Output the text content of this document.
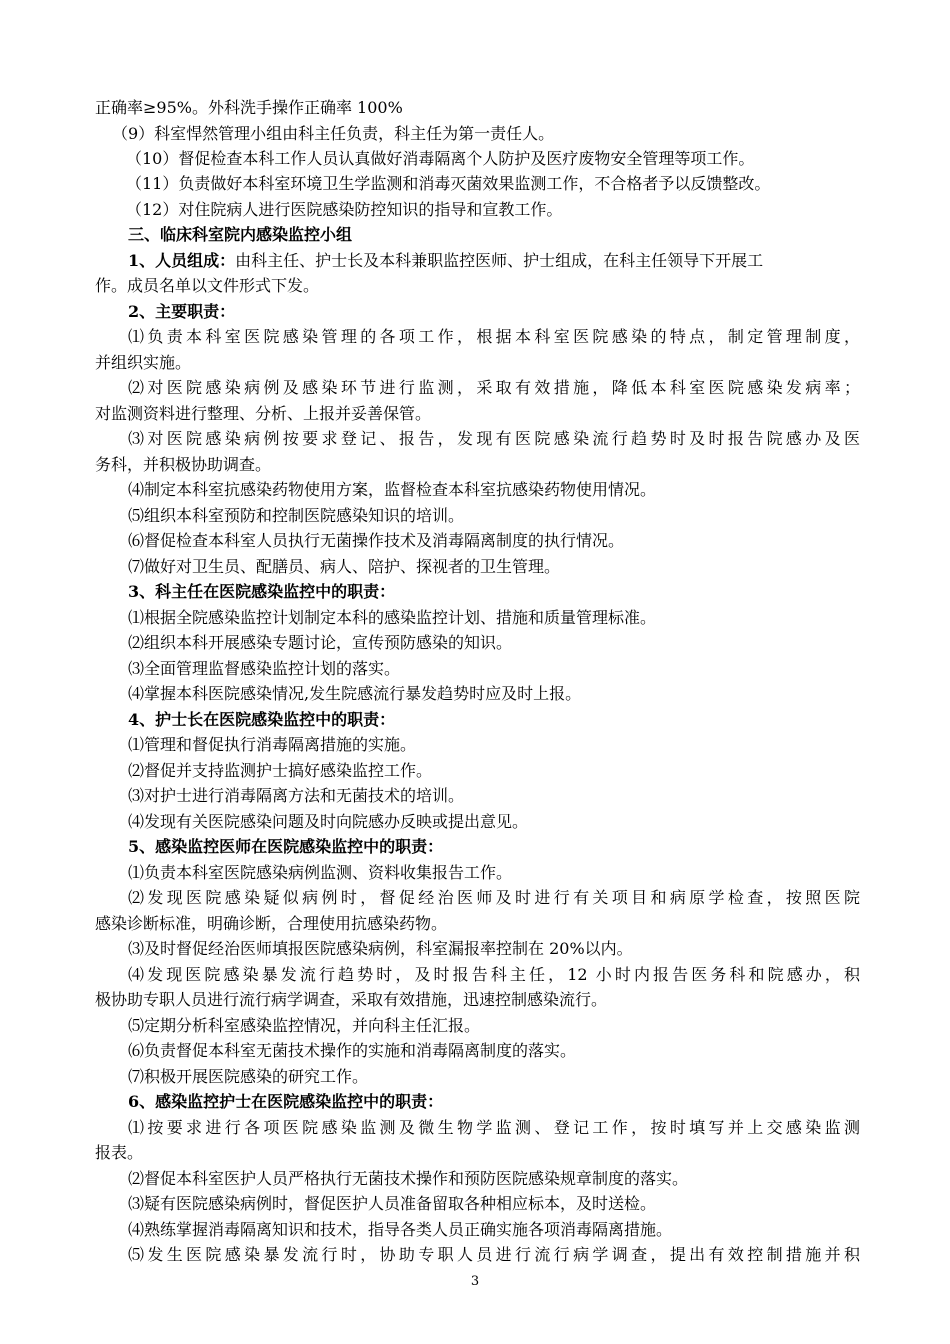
正确率≥95%。外科洗手操作正确率 100%
（9）科室悍然管理小组由科主任负责，科主任为第一责任人。
（10）督促检查本科工作人员认真做好消毒隔离个人防护及医疗废物安全管理等项工作。
（11）负责做好本科室环境卫生学监测和消毒灭菌效果监测工作，不合格者予以反馈整改。
（12）对住院病人进行医院感染防控知识的指导和宣教工作。
三、临床科室院内感染监控小组
1、人员组成：由科主任、护士长及本科兼职监控医师、护士组成，在科主任领导下开展工
作。成员名单以文件形式下发。
2、主要职责：
⑴负责本科室医院感染管理的各项工作，根据本科室医院感染的特点，制定管理制度，
并组织实施。
⑵对医院感染病例及感染环节进行监测，采取有效措施，降低本科室医院感染发病率；
对监测资料进行整理、分析、上报并妥善保管。
⑶对医院感染病例按要求登记、报告，发现有医院感染流行趋势时及时报告院感办及医
务科，并积极协助调查。
⑷制定本科室抗感染药物使用方案，监督检查本科室抗感染药物使用情况。
⑸组织本科室预防和控制医院感染知识的培训。
⑹督促检查本科室人员执行无菌操作技术及消毒隔离制度的执行情况。
⑺做好对卫生员、配膳员、病人、陪护、探视者的卫生管理。
3、科主任在医院感染监控中的职责：
⑴根据全院感染监控计划制定本科的感染监控计划、措施和质量管理标准。
⑵组织本科开展感染专题讨论，宣传预防感染的知识。
⑶全面管理监督感染监控计划的落实。
⑷掌握本科医院感染情况,发生院感流行暴发趋势时应及时上报。
4、护士长在医院感染监控中的职责：
⑴管理和督促执行消毒隔离措施的实施。
⑵督促并支持监测护士搞好感染监控工作。
⑶对护士进行消毒隔离方法和无菌技术的培训。
⑷发现有关医院感染问题及时向院感办反映或提出意见。
5、感染监控医师在医院感染监控中的职责：
⑴负责本科室医院感染病例监测、资料收集报告工作。
⑵发现医院感染疑似病例时，督促经治医师及时进行有关项目和病原学检查，按照医院
感染诊断标准，明确诊断，合理使用抗感染药物。
⑶及时督促经治医师填报医院感染病例，科室漏报率控制在 20%以内。
⑷发现医院感染暴发流行趋势时，及时报告科主任，12 小时内报告医务科和院感办，积
极协助专职人员进行流行病学调查，采取有效措施，迅速控制感染流行。
⑸定期分析科室感染监控情况，并向科主任汇报。
⑹负责督促本科室无菌技术操作的实施和消毒隔离制度的落实。
⑺积极开展医院感染的研究工作。
6、感染监控护士在医院感染监控中的职责：
⑴按要求进行各项医院感染监测及微生物学监测、登记工作，按时填写并上交感染监测
报表。
⑵督促本科室医护人员严格执行无菌技术操作和预防医院感染规章制度的落实。
⑶疑有医院感染病例时，督促医护人员准备留取各种相应标本，及时送检。
⑷熟练掌握消毒隔离知识和技术，指导各类人员正确实施各项消毒隔离措施。
⑸发生医院感染暴发流行时，协助专职人员进行流行病学调查，提出有效控制措施并积
3
